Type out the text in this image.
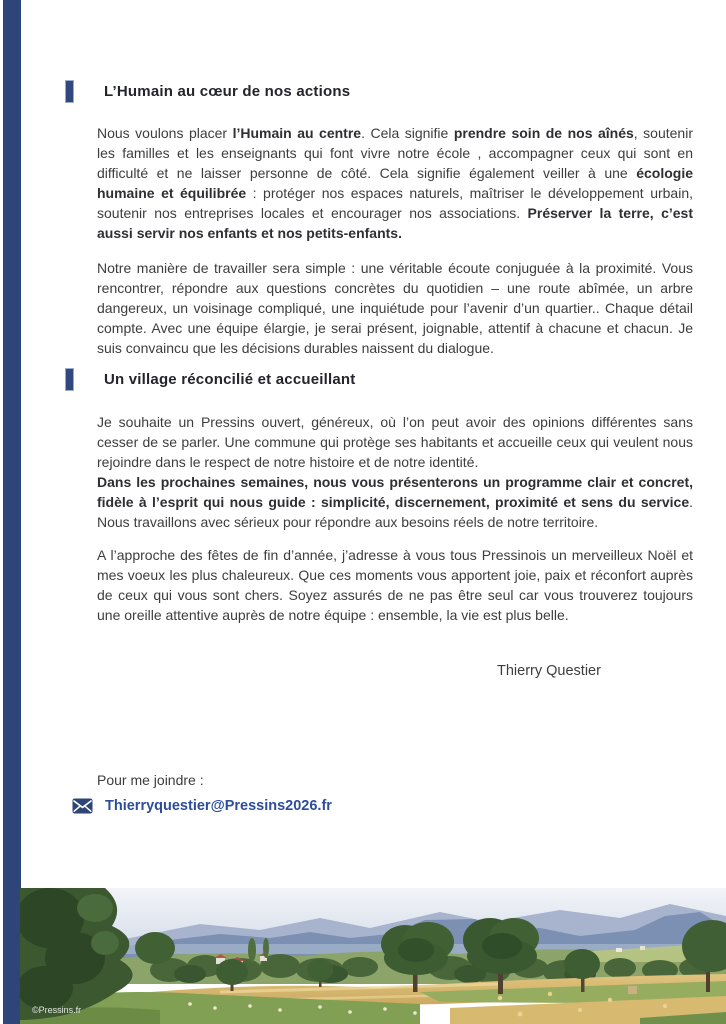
L’Humain au cœur de nos actions

Nous voulons placer l’Humain au centre. Cela signifie prendre soin de nos aînés, soutenir les familles et les enseignants qui font vivre notre école , accompagner ceux qui sont en difficulté et ne laisser personne de côté. Cela signifie également veiller à une écologie humaine et équilibrée : protéger nos espaces naturels, maîtriser le développement urbain, soutenir nos entreprises locales et encourager nos associations. Préserver la terre, c’est aussi servir nos enfants et nos petits-enfants.

Notre manière de travailler sera simple : une véritable écoute conjuguée à la proximité. Vous rencontrer, répondre aux questions concrètes du quotidien – une route abîmée, un arbre dangereux, un voisinage compliqué, une inquiétude pour l’avenir d’un quartier.. Chaque détail compte. Avec une équipe élargie, je serai présent, joignable, attentif à chacune et chacun. Je suis convaincu que les décisions durables naissent du dialogue.

Un village réconcilié et accueillant

Je souhaite un Pressins ouvert, généreux, où l’on peut avoir des opinions différentes sans cesser de se parler. Une commune qui protège ses habitants et accueille ceux qui veulent nous rejoindre dans le respect de notre histoire et de notre identité.
Dans les prochaines semaines, nous vous présenterons un programme clair et concret, fidèle à l’esprit qui nous guide : simplicité, discernement, proximité et sens du service. Nous travaillons avec sérieux pour répondre aux besoins réels de notre territoire.

A l’approche des fêtes de fin d’année, j’adresse à vous tous Pressinois un merveilleux Noël et mes voeux les plus chaleureux. Que ces moments vous apportent joie, paix et réconfort auprès de ceux qui vous sont chers. Soyez assurés de ne pas être seul car vous trouverez toujours une oreille attentive auprès de notre équipe : ensemble, la vie est plus belle.

Thierry Questier

Pour me joindre :

Thierryquestier@Pressins2026.fr
©Pressins.fr
